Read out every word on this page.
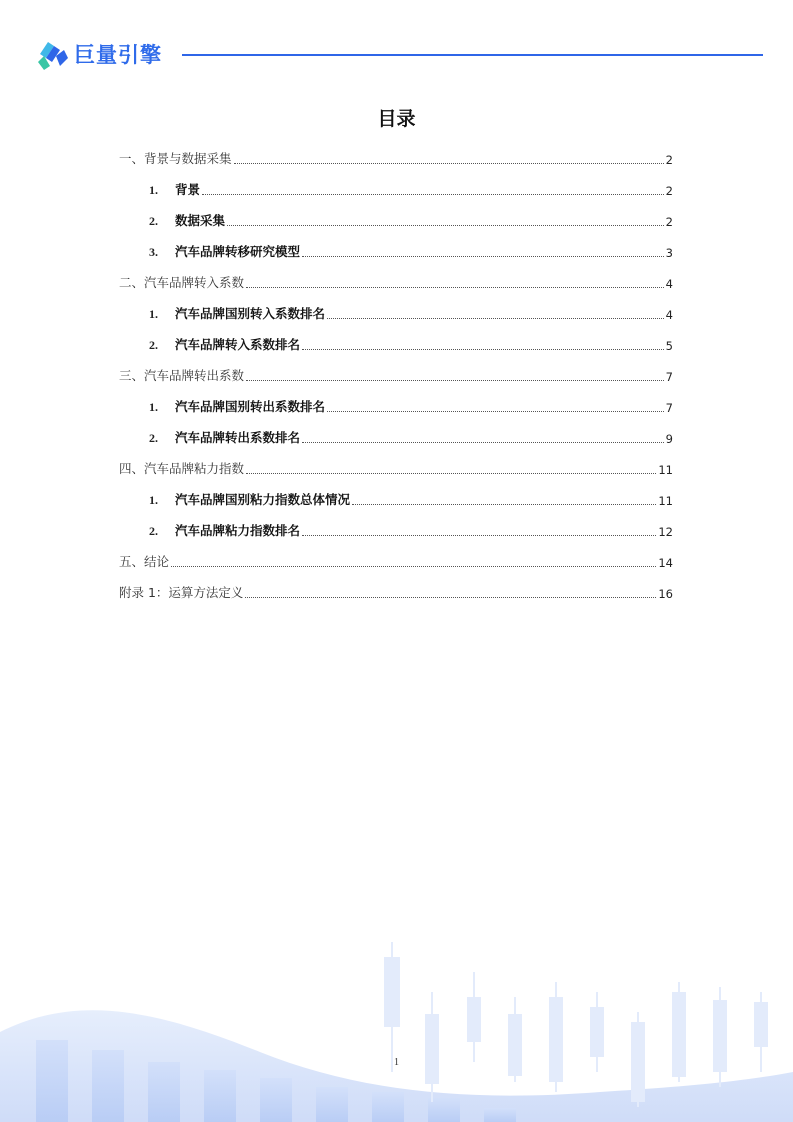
巨量引擎
目录
一、背景与数据采集	2
1.	背景	2
2.	数据采集	2
3.	汽车品牌转移研究模型	3
二、汽车品牌转入系数	4
1.	汽车品牌国别转入系数排名	4
2.	汽车品牌转入系数排名	5
三、汽车品牌转出系数	7
1.	汽车品牌国别转出系数排名	7
2.	汽车品牌转出系数排名	9
四、汽车品牌粘力指数	11
1.	汽车品牌国别粘力指数总体情况	11
2.	汽车品牌粘力指数排名	12
五、结论	14
附录 1：运算方法定义	16
1
